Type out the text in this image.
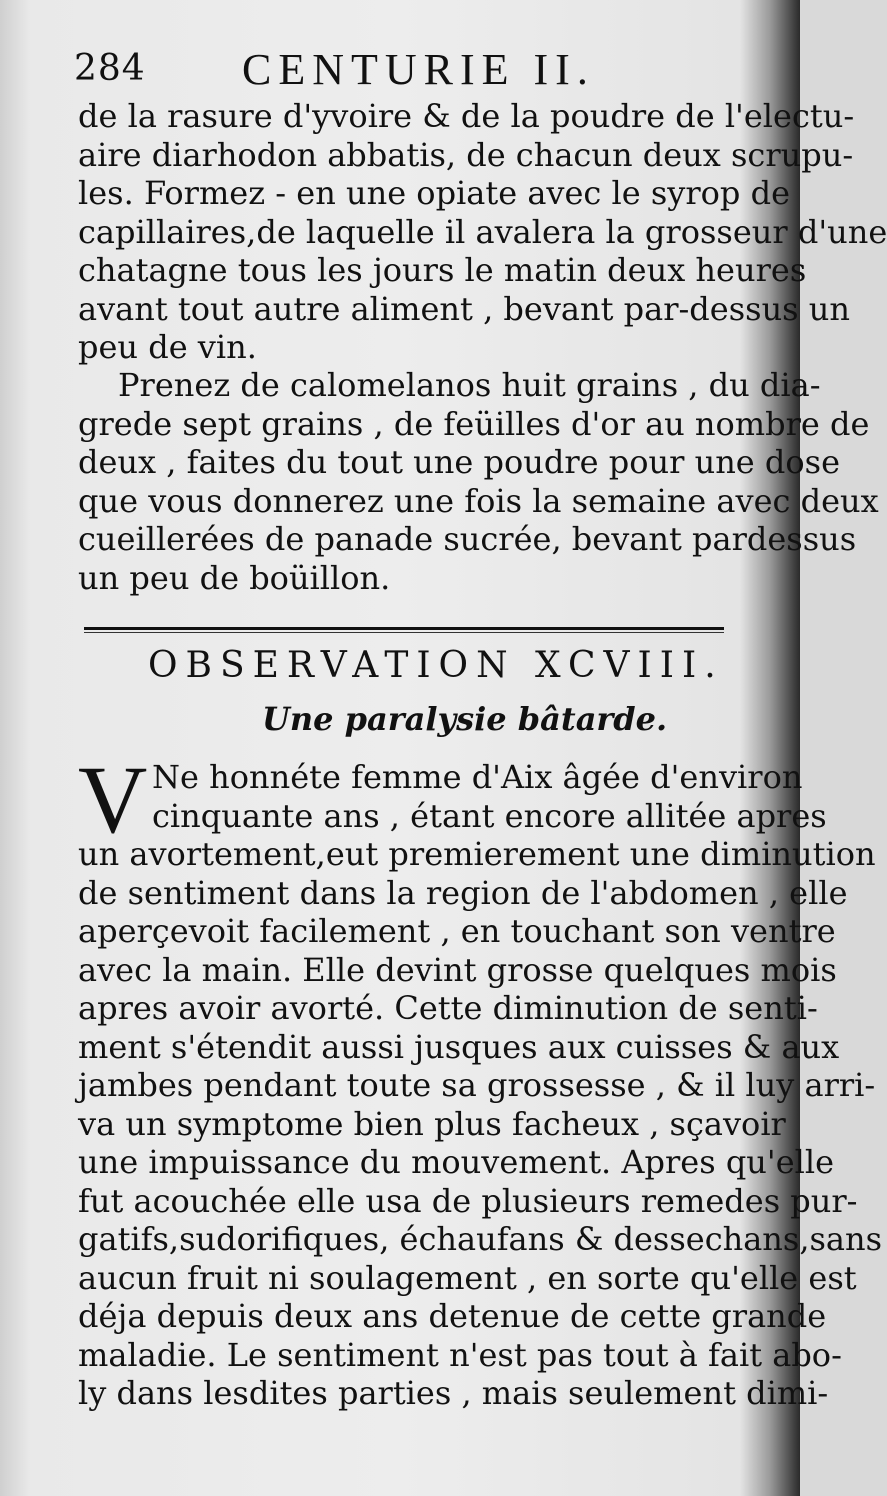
284 CENTURIE II.
de la rasure d'yvoire & de la poudre de l'electu-
aire diarhodon abbatis, de chacun deux scrupu-
les. Formez - en une opiate avec le syrop de
capillaires,de laquelle il avalera la grosseur d'une
chatagne tous les jours le matin deux heures
avant tout autre aliment , bevant par-dessus un
peu de vin.
Prenez de calomelanos huit grains , du dia-
grede sept grains , de feüilles d'or au nombre de
deux , faites du tout une poudre pour une dose
que vous donnerez une fois la semaine avec deux
cueillerées de panade sucrée, bevant pardessus
un peu de boüillon.
OBSERVATION XCVIII.
Une paralysie bâtarde.
V Ne honnéte femme d'Aix âgée d'environ
cinquante ans , étant encore allitée apres
un avortement,eut premierement une diminution
de sentiment dans la region de l'abdomen , elle
aperçevoit facilement , en touchant son ventre
avec la main. Elle devint grosse quelques mois
apres avoir avorté. Cette diminution de senti-
ment s'étendit aussi jusques aux cuisses & aux
jambes pendant toute sa grossesse , & il luy arri-
va un symptome bien plus facheux , sçavoir
une impuissance du mouvement. Apres qu'elle
fut acouchée elle usa de plusieurs remedes pur-
gatifs,sudorifiques, échaufans & dessechans,sans
aucun fruit ni soulagement , en sorte qu'elle est
déja depuis deux ans detenue de cette grande
maladie. Le sentiment n'est pas tout à fait abo-
ly dans lesdites parties , mais seulement dimi-
